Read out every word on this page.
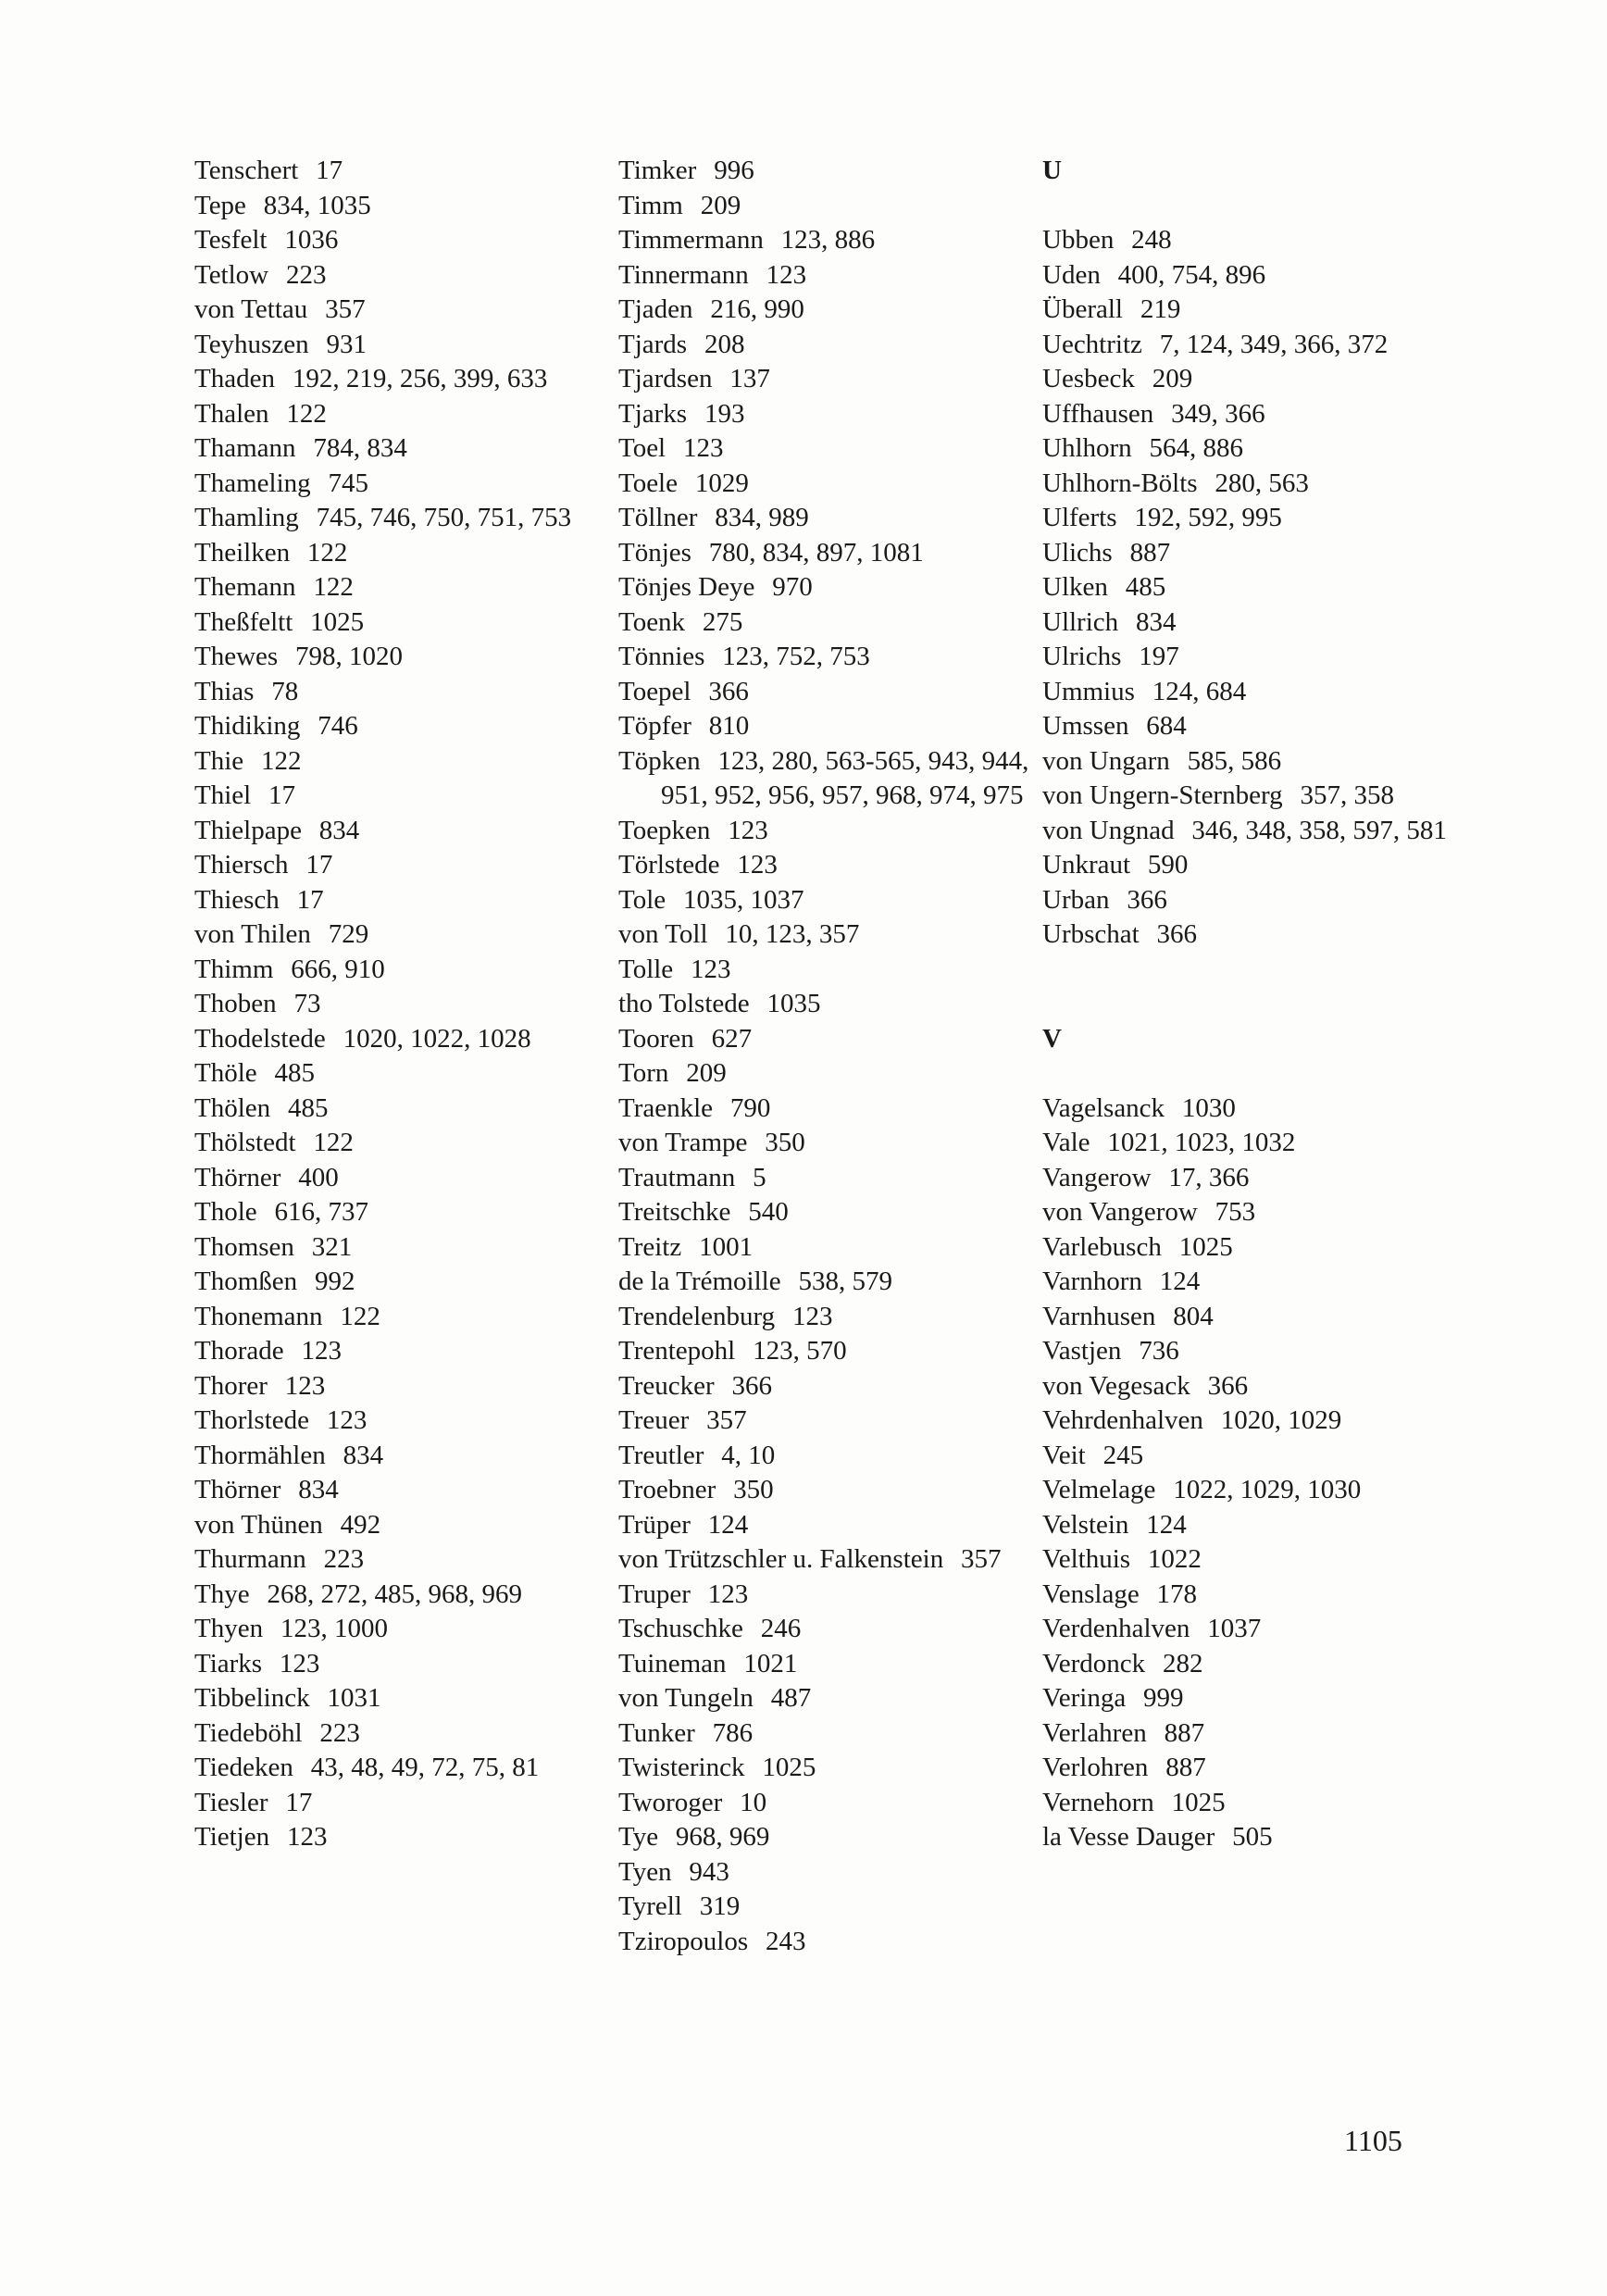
Tenschert 17
Tepe 834, 1035
Tesfelt 1036
Tetlow 223
von Tettau 357
Teyhuszen 931
Thaden 192, 219, 256, 399, 633
Thalen 122
Thamann 784, 834
Thameling 745
Thamling 745, 746, 750, 751, 753
Theilken 122
Themann 122
Theßfeltt 1025
Thewes 798, 1020
Thias 78
Thidiking 746
Thie 122
Thiel 17
Thielpape 834
Thiersch 17
Thiesch 17
von Thilen 729
Thimm 666, 910
Thoben 73
Thodelstede 1020, 1022, 1028
Thöle 485
Thölen 485
Thölstedt 122
Thörner 400
Thole 616, 737
Thomsen 321
Thomßen 992
Thonemann 122
Thorade 123
Thorer 123
Thorlstede 123
Thormählen 834
Thörner 834
von Thünen 492
Thurmann 223
Thye 268, 272, 485, 968, 969
Thyen 123, 1000
Tiarks 123
Tibbelinck 1031
Tiedeböhl 223
Tiedeken 43, 48, 49, 72, 75, 81
Tiesler 17
Tietjen 123
Timker 996
Timm 209
Timmermann 123, 886
Tinnermann 123
Tjaden 216, 990
Tjards 208
Tjardsen 137
Tjarks 193
Toel 123
Toele 1029
Töllner 834, 989
Tönjes 780, 834, 897, 1081
Tönjes Deye 970
Toenk 275
Tönnies 123, 752, 753
Toepel 366
Töpfer 810
Töpken 123, 280, 563-565, 943, 944, 951, 952, 956, 957, 968, 974, 975
Toepken 123
Törlstede 123
Tole 1035, 1037
von Toll 10, 123, 357
Tolle 123
tho Tolstede 1035
Tooren 627
Torn 209
Traenkle 790
von Trampe 350
Trautmann 5
Treitschke 540
Treitz 1001
de la Trémoille 538, 579
Trendelenburg 123
Trentepohl 123, 570
Treucker 366
Treuer 357
Treutler 4, 10
Troebner 350
Trüper 124
von Trützschler u. Falkenstein 357
Truper 123
Tschuschke 246
Tuineman 1021
von Tungeln 487
Tunker 786
Twisterinck 1025
Tworoger 10
Tye 968, 969
Tyen 943
Tyrell 319
Tziropoulos 243
U
Ubben 248
Uden 400, 754, 896
Überall 219
Uechtritz 7, 124, 349, 366, 372
Uesbeck 209
Uffhausen 349, 366
Uhlhorn 564, 886
Uhlhorn-Bölts 280, 563
Ulferts 192, 592, 995
Ulichs 887
Ulken 485
Ullrich 834
Ulrichs 197
Ummius 124, 684
Umssen 684
von Ungarn 585, 586
von Ungern-Sternberg 357, 358
von Ungnad 346, 348, 358, 597, 581
Unkraut 590
Urban 366
Urbschat 366
V
Vagelsanck 1030
Vale 1021, 1023, 1032
Vangerow 17, 366
von Vangerow 753
Varlebusch 1025
Varnhorn 124
Varnhusen 804
Vastjen 736
von Vegesack 366
Vehrdenhalven 1020, 1029
Veit 245
Velmelage 1022, 1029, 1030
Velstein 124
Velthuis 1022
Venslage 178
Verdenhalven 1037
Verdonck 282
Veringa 999
Verlahren 887
Verlohren 887
Vernehorn 1025
la Vesse Dauger 505
1105
